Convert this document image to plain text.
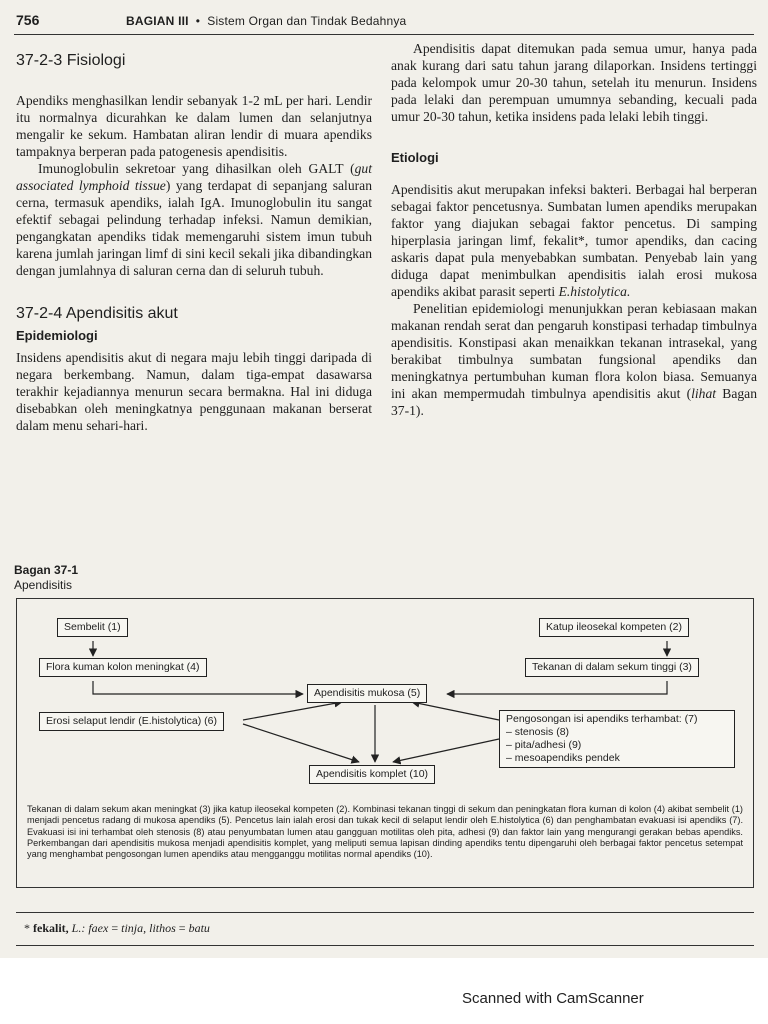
756	BAGIAN III • Sistem Organ dan Tindak Bedahnya
37-2-3 Fisiologi

Apendiks menghasilkan lendir sebanyak 1-2 mL per hari. Lendir itu normalnya dicurahkan ke dalam lumen dan selanjutnya mengalir ke sekum. Hambatan aliran lendir di muara apendiks tampaknya berperan pada patogenesis apendisitis.

Imunoglobulin sekretoar yang dihasilkan oleh GALT (gut associated lymphoid tissue) yang terdapat di sepanjang saluran cerna, termasuk apendiks, ialah IgA. Imunoglobulin itu sangat efektif sebagai pelindung terhadap infeksi. Namun demikian, pengangkatan apendiks tidak memengaruhi sistem imun tubuh karena jumlah jaringan limf di sini kecil sekali jika dibandingkan dengan jumlahnya di saluran cerna dan di seluruh tubuh.

37-2-4 Apendisitis akut
Epidemiologi

Insidens apendisitis akut di negara maju lebih tinggi daripada di negara berkembang. Namun, dalam tiga-empat dasawarsa terakhir kejadiannya menurun secara bermakna. Hal ini diduga disebabkan oleh meningkatnya penggunaan makanan berserat dalam menu sehari-hari.

Apendisitis dapat ditemukan pada semua umur, hanya pada anak kurang dari satu tahun jarang dilaporkan. Insidens tertinggi pada kelompok umur 20-30 tahun, setelah itu menurun. Insidens pada lelaki dan perempuan umumnya sebanding, kecuali pada umur 20-30 tahun, ketika insidens pada lelaki lebih tinggi.

Etiologi

Apendisitis akut merupakan infeksi bakteri. Berbagai hal berperan sebagai faktor pencetusnya. Sumbatan lumen apendiks merupakan faktor yang diajukan sebagai faktor pencetus. Di samping hiperplasia jaringan limf, fekalit*, tumor apendiks, dan cacing askaris dapat pula menyebabkan sumbatan. Penyebab lain yang diduga dapat menimbulkan apendisitis ialah erosi mukosa apendiks akibat parasit seperti E.histolytica.

Penelitian epidemiologi menunjukkan peran kebiasaan makan makanan rendah serat dan pengaruh konstipasi terhadap timbulnya apendisitis. Konstipasi akan menaikkan tekanan intrasekal, yang berakibat timbulnya sumbatan fungsional apendiks dan meningkatnya pertumbuhan kuman flora kolon biasa. Semuanya ini akan mempermudah timbulnya apendisitis akut (lihat Bagan 37-1).

Bagan 37-1
Apendisitis
Sembelit (1)	Katup ileosekal kompeten (2)
Flora kuman kolon meningkat (4)	Tekanan di dalam sekum tinggi (3)
Apendisitis mukosa (5)
Erosi selaput lendir (E.histolytica) (6)	Pengosongan isi apendiks terhambat: (7)
– stenosis (8)
– pita/adhesi (9)
– mesoapendiks pendek
Apendisitis komplet (10)
Tekanan di dalam sekum akan meningkat (3) jika katup ileosekal kompeten (2). Kombinasi tekanan tinggi di sekum dan peningkatan flora kuman di kolon (4) akibat sembelit (1) menjadi pencetus radang di mukosa apendiks (5). Pencetus lain ialah erosi dan tukak kecil di selaput lendir oleh E.histolytica (6) dan penghambatan evakuasi isi apendiks (7). Evakuasi isi ini terhambat oleh stenosis (8) atau penyumbatan lumen atau gangguan motilitas oleh pita, adhesi (9) dan faktor lain yang mengurangi gerakan bebas apendiks. Perkembangan dari apendisitis mukosa menjadi apendisitis komplet, yang meliputi semua lapisan dinding apendiks tentu dipengaruhi oleh berbagai faktor pencetus setempat yang menghambat pengosongan lumen apendiks atau mengganggu motilitas normal apendiks (10).
* fekalit, L.: faex = tinja, lithos = batu
Scanned with CamScanner
